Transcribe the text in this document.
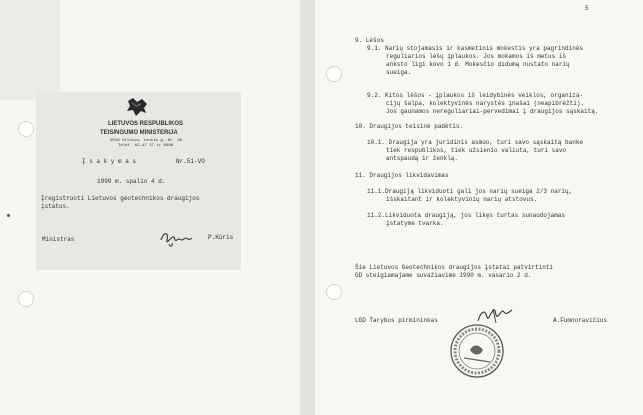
LIETUVOS RESPUBLIKOS
TEISINGUMO MINISTERIJA
2019 Vilnius, Lenkio g. Nr. 36
Telef. 62-47 27 ir 6888
Į s a k y m a s	Nr.51-VO
1990 m. spalio 4 d.
Įregistruoti Lietuvos geotechnikos draugijos
įstatus.
Ministras	P.Kūris
5
9. Lėšos
9.1. Narių stojamasis ir kasmetinis mokestis yra pagrindinės
reguliarios lėšų įplaukos. Jos mokamos iš metus iš
anksto ligi kovo 1 d. Mokesčio didumą nustato narių
sueiga.
9.2. Kitos lėšos - įplaukos iš leidybinės veiklos, organiza-
cijų šalpa, kolektyvinės narystės įnašai (neapibrėžti).
Jos gaunamos nereguliariai-pervedimai į draugijos sąskaitą.
10. Draugijos teisinė padėtis.
10.1. Draugija yra juridinis asmuo, turi savo sąskaitą banke
tiek respublikos, tiek užsienio valiuta, turi savo
antspaudą ir ženklą.
11. Draugijos likvidavimas
11.1.Draugiją likviduoti gali jos narių sueiga 2/3 narių,
išskaitant ir kolektyvinių narių atstovus.
11.2.Likviduota draugiją, jos likęs turtas sunaudojamas
įstatyme tvarka.
Šie Lietuvos Geotechnikos draugijos įstatai patvirtinti
GD steigiamajame suvažiavime 1990 m. vasario 2 d.
LGD Tarybos pirmininkas	A.Fumnoravičius
